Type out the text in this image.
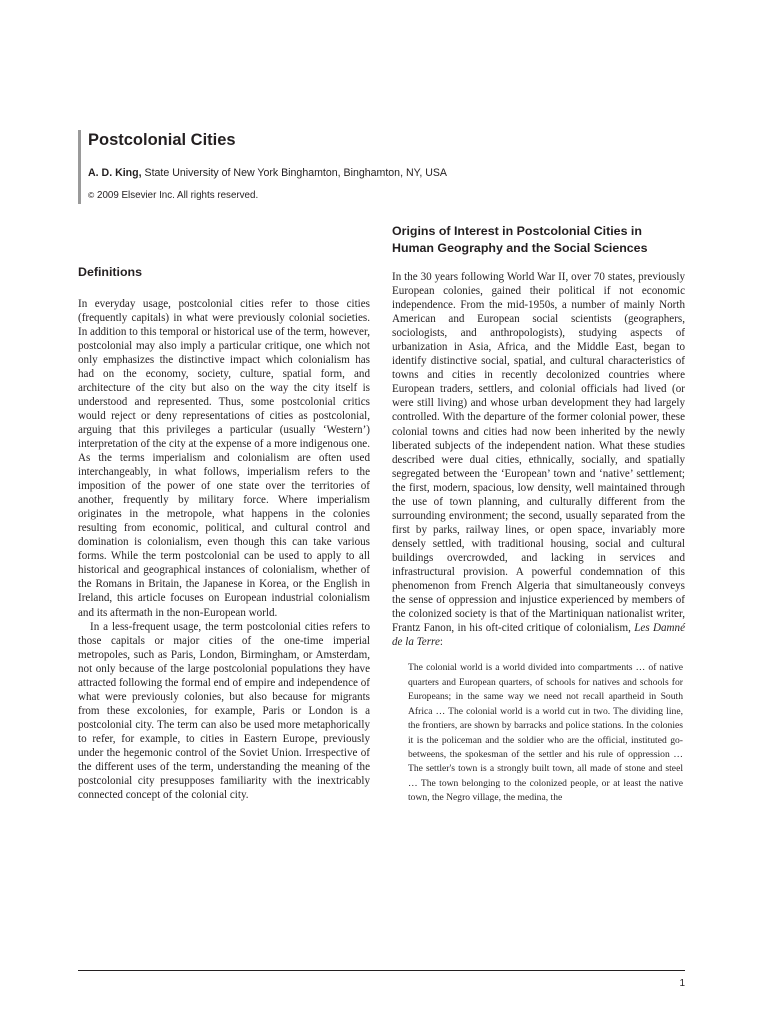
Postcolonial Cities
A. D. King, State University of New York Binghamton, Binghamton, NY, USA
© 2009 Elsevier Inc. All rights reserved.
Definitions

In everyday usage, postcolonial cities refer to those cities (frequently capitals) in what were previously colonial societies. In addition to this temporal or historical use of the term, however, postcolonial may also imply a particular critique, one which not only emphasizes the distinctive impact which colonialism has had on the economy, society, culture, spatial form, and architecture of the city but also on the way the city itself is understood and represented. Thus, some postcolonial critics would reject or deny representations of cities as postcolonial, arguing that this privileges a particular (usually ‘Western’) interpretation of the city at the expense of a more indigenous one. As the terms imperialism and colonialism are often used interchangeably, in what follows, imperialism refers to the imposition of the power of one state over the territories of another, frequently by military force. Where imperialism originates in the metropole, what happens in the colonies resulting from economic, political, and cultural control and domination is colonialism, even though this can take various forms. While the term postcolonial can be used to apply to all historical and geographical instances of colonialism, whether of the Romans in Britain, the Japanese in Korea, or the English in Ireland, this article focuses on European industrial colonialism and its aftermath in the non-European world.

In a less-frequent usage, the term postcolonial cities refers to those capitals or major cities of the one-time imperial metropoles, such as Paris, London, Birmingham, or Amsterdam, not only because of the large postcolonial populations they have attracted following the formal end of empire and independence of what were previously colonies, but also because for migrants from these excolonies, for example, Paris or London is a postcolonial city. The term can also be used more metaphorically to refer, for example, to cities in Eastern Europe, previously under the hegemonic control of the Soviet Union. Irrespective of the different uses of the term, understanding the meaning of the postcolonial city presupposes familiarity with the inextricably connected concept of the colonial city.

Origins of Interest in Postcolonial Cities in Human Geography and the Social Sciences

In the 30 years following World War II, over 70 states, previously European colonies, gained their political if not economic independence. From the mid-1950s, a number of mainly North American and European social scientists (geographers, sociologists, and anthropologists), studying aspects of urbanization in Asia, Africa, and the Middle East, began to identify distinctive social, spatial, and cultural characteristics of towns and cities in recently decolonized countries where European traders, settlers, and colonial officials had lived (or were still living) and whose urban development they had largely controlled. With the departure of the former colonial power, these colonial towns and cities had now been inherited by the newly liberated subjects of the independent nation. What these studies described were dual cities, ethnically, socially, and spatially segregated between the ‘European’ town and ‘native’ settlement; the first, modern, spacious, low density, well maintained through the use of town planning, and culturally different from the surrounding environment; the second, usually separated from the first by parks, railway lines, or open space, invariably more densely settled, with traditional housing, social and cultural buildings overcrowded, and lacking in services and infrastructural provision. A powerful condemnation of this phenomenon from French Algeria that simultaneously conveys the sense of oppression and injustice experienced by members of the colonized society is that of the Martiniquan nationalist writer, Frantz Fanon, in his oft-cited critique of colonialism, Les Damné de la Terre:

The colonial world is a world divided into compartments … of native quarters and European quarters, of schools for natives and schools for Europeans; in the same way we need not recall apartheid in South Africa … The colonial world is a world cut in two. The dividing line, the frontiers, are shown by barracks and police stations. In the colonies it is the policeman and the soldier who are the official, instituted go-betweens, the spokesman of the settler and his rule of oppression … The settler's town is a strongly built town, all made of stone and steel … The town belonging to the colonized people, or at least the native town, the Negro village, the medina, the

1
